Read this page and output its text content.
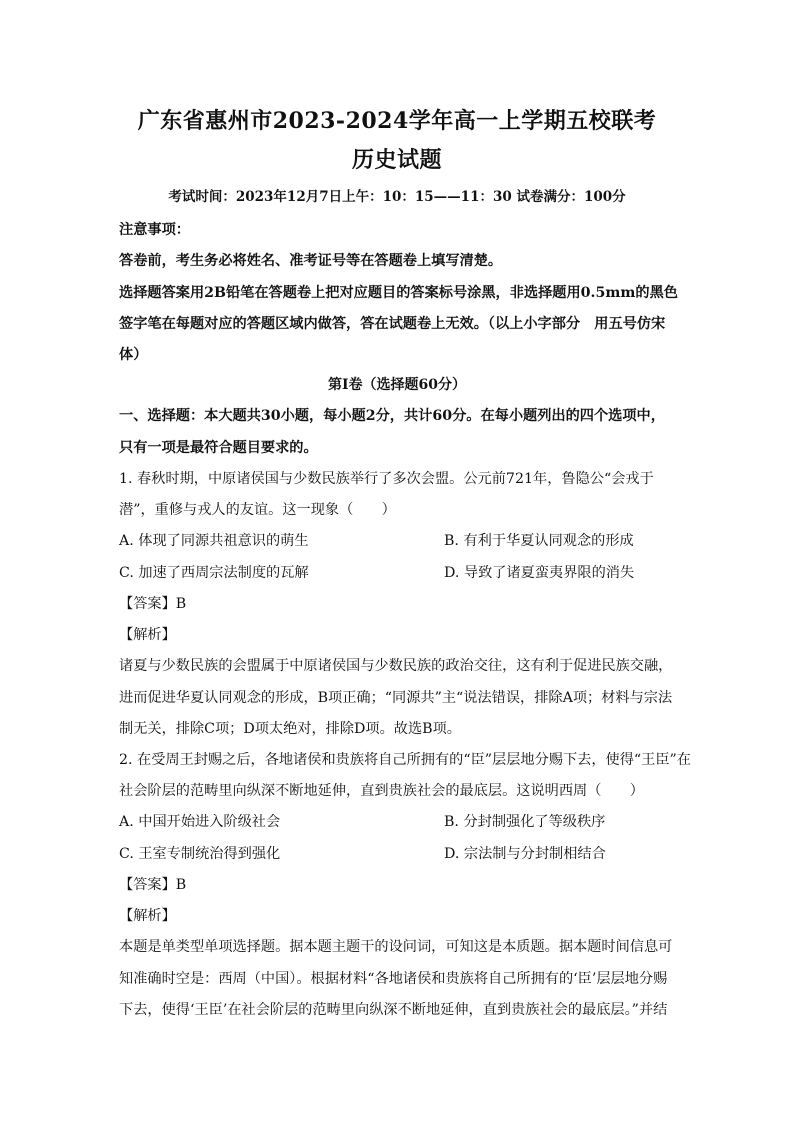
广东省惠州市2023-2024学年高一上学期五校联考
历史试题
考试时间：2023年12月7日上午：10：15——11：30 试卷满分：100分
注意事项：
答卷前，考生务必将姓名、准考证号等在答题卷上填写清楚。
选择题答案用2B铅笔在答题卷上把对应题目的答案标号涂黑，非选择题用0.5mm的黑色
签字笔在每题对应的答题区域内做答，答在试题卷上无效。（以上小字部分　用五号仿宋
体）
第Ⅰ卷（选择题60分）
一、选择题：本大题共30小题，每小题2分，共计60分。在每小题列出的四个选项中，
只有一项是最符合题目要求的。
1. 春秋时期，中原诸侯国与少数民族举行了多次会盟。公元前721年，鲁隐公“会戎于
潜”，重修与戎人的友谊。这一现象（　　）
A. 体现了同源共祖意识的萌生	B. 有利于华夏认同观念的形成
C. 加速了西周宗法制度的瓦解	D. 导致了诸夏蛮夷界限的消失
【答案】B
【解析】
诸夏与少数民族的会盟属于中原诸侯国与少数民族的政治交往，这有利于促进民族交融，
进而促进华夏认同观念的形成，B项正确；“同源共”主“说法错误，排除A项；材料与宗法
制无关，排除C项；D项太绝对，排除D项。故选B项。
2. 在受周王封赐之后，各地诸侯和贵族将自己所拥有的“臣”层层地分赐下去，使得“王臣”在
社会阶层的范畴里向纵深不断地延伸，直到贵族社会的最底层。这说明西周（　　）
A. 中国开始进入阶级社会	B. 分封制强化了等级秩序
C. 王室专制统治得到强化	D. 宗法制与分封制相结合
【答案】B
【解析】
本题是单类型单项选择题。据本题主题干的设问词，可知这是本质题。据本题时间信息可
知准确时空是：西周（中国）。根据材料“各地诸侯和贵族将自己所拥有的‘臣’层层地分赐
下去，使得‘王臣’在社会阶层的范畴里向纵深不断地延伸，直到贵族社会的最底层。”并结
